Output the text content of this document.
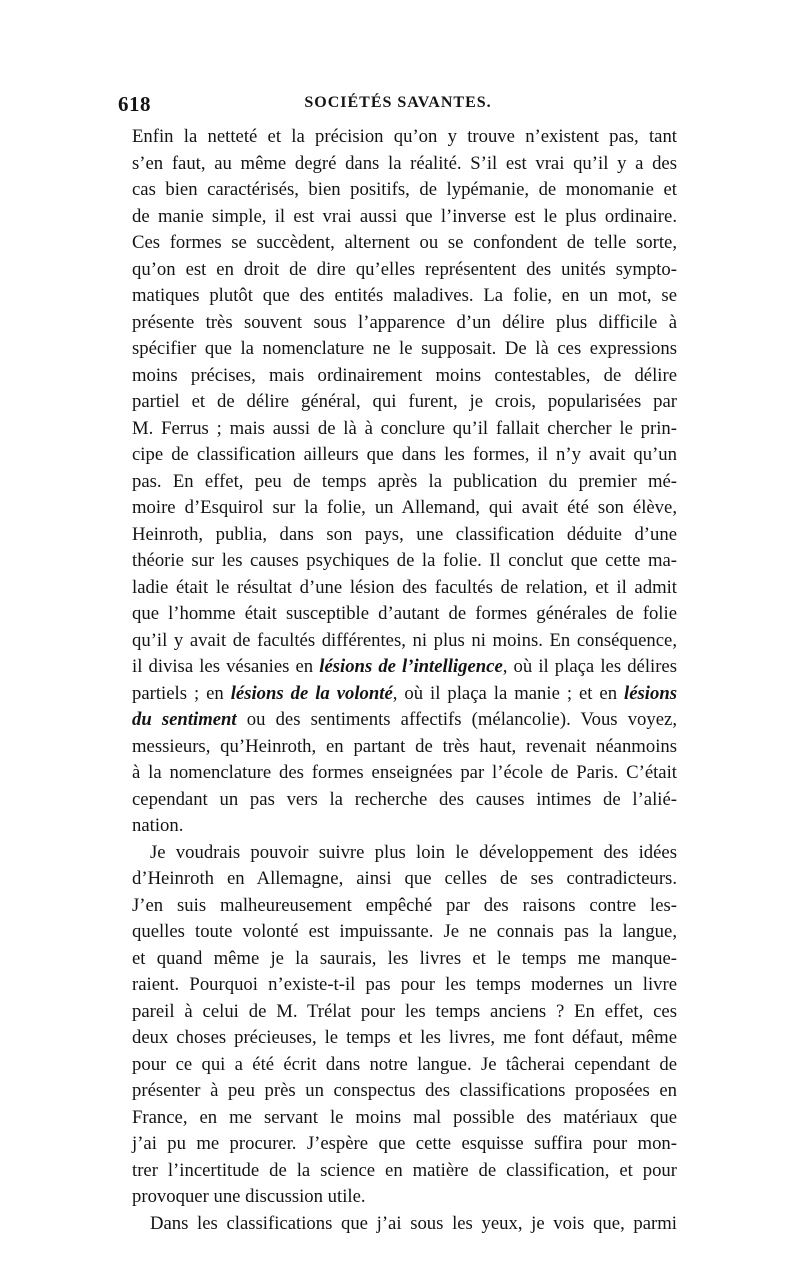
618	SOCIÉTÉS SAVANTES.
Enfin la netteté et la précision qu’on y trouve n’existent pas, tant
s’en faut, au même degré dans la réalité. S’il est vrai qu’il y a des
cas bien caractérisés, bien positifs, de lypémanie, de monomanie et
de manie simple, il est vrai aussi que l’inverse est le plus ordinaire.
Ces formes se succèdent, alternent ou se confondent de telle sorte,
qu’on est en droit de dire qu’elles représentent des unités sympto-
matiques plutôt que des entités maladives. La folie, en un mot, se
présente très souvent sous l’apparence d’un délire plus difficile à
spécifier que la nomenclature ne le supposait. De là ces expressions
moins précises, mais ordinairement moins contestables, de délire
partiel et de délire général, qui furent, je crois, popularisées par
M. Ferrus ; mais aussi de là à conclure qu’il fallait chercher le prin-
cipe de classification ailleurs que dans les formes, il n’y avait qu’un
pas. En effet, peu de temps après la publication du premier mé-
moire d’Esquirol sur la folie, un Allemand, qui avait été son élève,
Heinroth, publia, dans son pays, une classification déduite d’une
théorie sur les causes psychiques de la folie. Il conclut que cette ma-
ladie était le résultat d’une lésion des facultés de relation, et il admit
que l’homme était susceptible d’autant de formes générales de folie
qu’il y avait de facultés différentes, ni plus ni moins. En conséquence,
il divisa les vésanies en lésions de l’intelligence, où il plaça les délires
partiels ; en lésions de la volonté, où il plaça la manie ; et en lésions
du sentiment ou des sentiments affectifs (mélancolie). Vous voyez,
messieurs, qu’Heinroth, en partant de très haut, revenait néanmoins
à la nomenclature des formes enseignées par l’école de Paris. C’était
cependant un pas vers la recherche des causes intimes de l’alié-
nation.
Je voudrais pouvoir suivre plus loin le développement des idées
d’Heinroth en Allemagne, ainsi que celles de ses contradicteurs.
J’en suis malheureusement empêché par des raisons contre les-
quelles toute volonté est impuissante. Je ne connais pas la langue,
et quand même je la saurais, les livres et le temps me manque-
raient. Pourquoi n’existe-t-il pas pour les temps modernes un livre
pareil à celui de M. Trélat pour les temps anciens ? En effet, ces
deux choses précieuses, le temps et les livres, me font défaut, même
pour ce qui a été écrit dans notre langue. Je tâcherai cependant de
présenter à peu près un conspectus des classifications proposées en
France, en me servant le moins mal possible des matériaux que
j’ai pu me procurer. J’espère que cette esquisse suffira pour mon-
trer l’incertitude de la science en matière de classification, et pour
provoquer une discussion utile.
Dans les classifications que j’ai sous les yeux, je vois que, parmi
